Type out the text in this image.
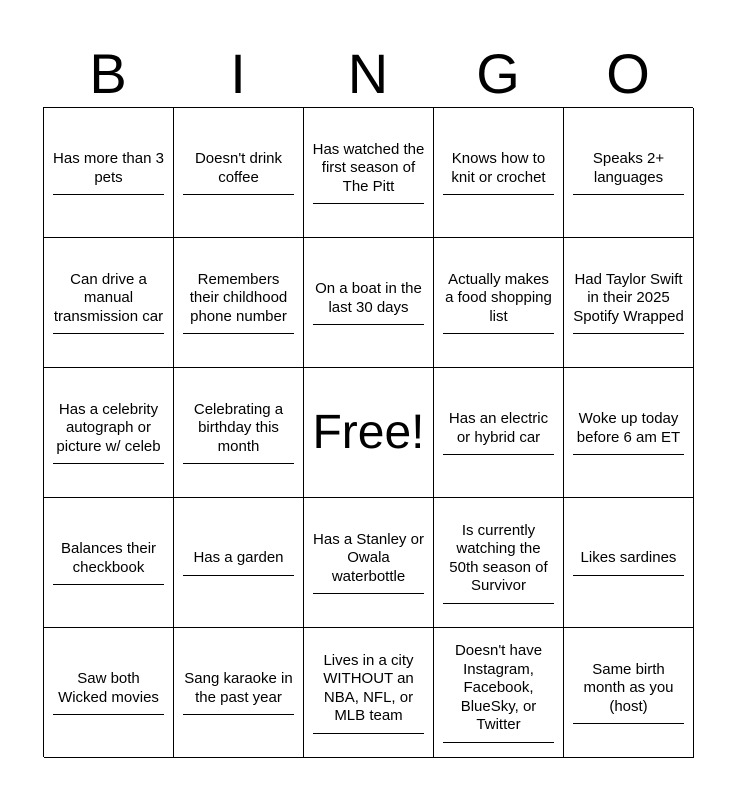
B	I	N	G	O
Has more than 3 pets
Doesn't drink coffee
Has watched the first season of The Pitt
Knows how to knit or crochet
Speaks 2+ languages
Can drive a manual transmission car
Remembers their childhood phone number
On a boat in the last 30 days
Actually makes a food shopping list
Had Taylor Swift in their 2025 Spotify Wrapped
Has a celebrity autograph or picture w/ celeb
Celebrating a birthday this month	Free!	Has an electric or hybrid car
Woke up today before 6 am ET
Balances their checkbook
Has a garden
Has a Stanley or Owala waterbottle
Is currently watching the 50th season of Survivor
Likes sardines
Saw both Wicked movies
Sang karaoke in the past year
Lives in a city WITHOUT an NBA, NFL, or MLB team
Doesn't have Instagram, Facebook, BlueSky, or Twitter
Same birth month as you (host)
